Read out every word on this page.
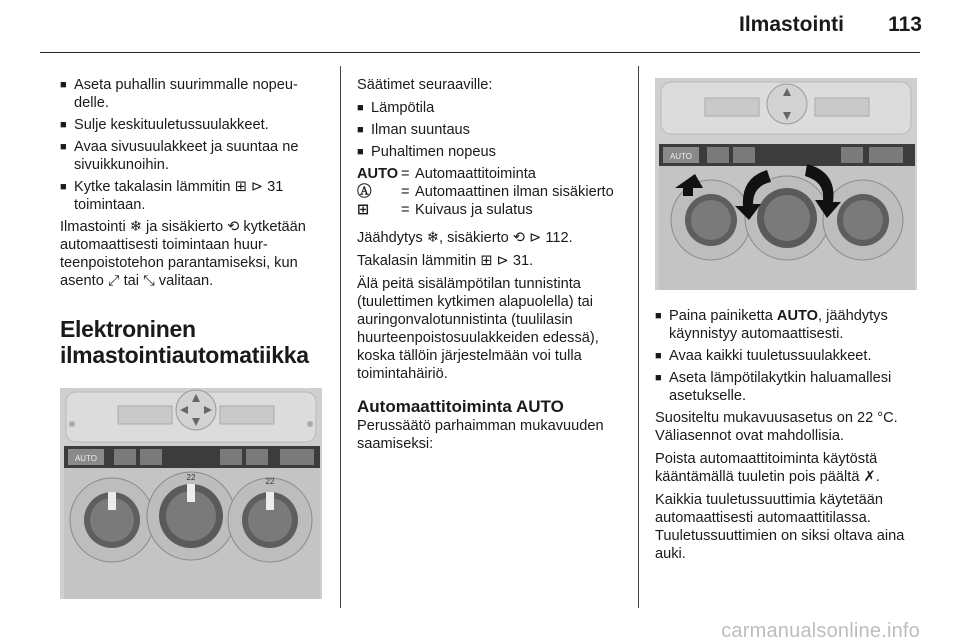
Ilmastointi 113
■ Aseta puhallin suurimmalle nopeudelle.
■ Sulje keskituuletussuulakkeet.
■ Avaa sivusuulakkeet ja suuntaa ne sivuikkunoihin.
■ Kytke takalasin lämmitin ⊞ ⊳ 31 toimintaan.

Ilmastointi ❄ ja sisäkierto ⟲ kytketään automaattisesti toimintaan huurteenpoistotehon parantamiseksi, kun asento ⤢ tai ⤡ valitaan.

Elektroninen ilmastointiautomatiikka
AUTO
22	22

Säätimet seuraaville:

■ Lämpötila
■ Ilman suuntaus
■ Puhaltimen nopeus
AUTO = Automaattitoiminta
Ⓐ	= Automaattinen ilman sisäkierto
⊞	= Kuivaus ja sulatus

Jäähdytys ❄, sisäkierto ⟲ ⊳ 112.

Takalasin lämmitin ⊞ ⊳ 31.

Älä peitä sisälämpötilan tunnistinta (tuulettimen kytkimen alapuolella) tai auringonvalotunnistinta (tuulilasin huurteenpoistosuulakkeiden edessä), koska tällöin järjestelmään voi tulla toimintahäiriö.

Automaattitoiminta AUTO

Perussäätö parhaimman mukavuuden saamiseksi:

AUTO
■ Paina painiketta AUTO, jäähdytys käynnistyy automaattisesti.
■ Avaa kaikki tuuletussuulakkeet.
■ Aseta lämpötilakytkin haluamallesi asetukselle.

Suositeltu mukavuusasetus on 22 °C. Väliasennot ovat mahdollisia.

Poista automaattitoiminta käytöstä kääntämällä tuuletin pois päältä ✗.

Kaikkia tuuletussuuttimia käytetään automaattisesti automaattitilassa. Tuuletussuuttimien on siksi oltava aina auki.

carmanualsonline.info
